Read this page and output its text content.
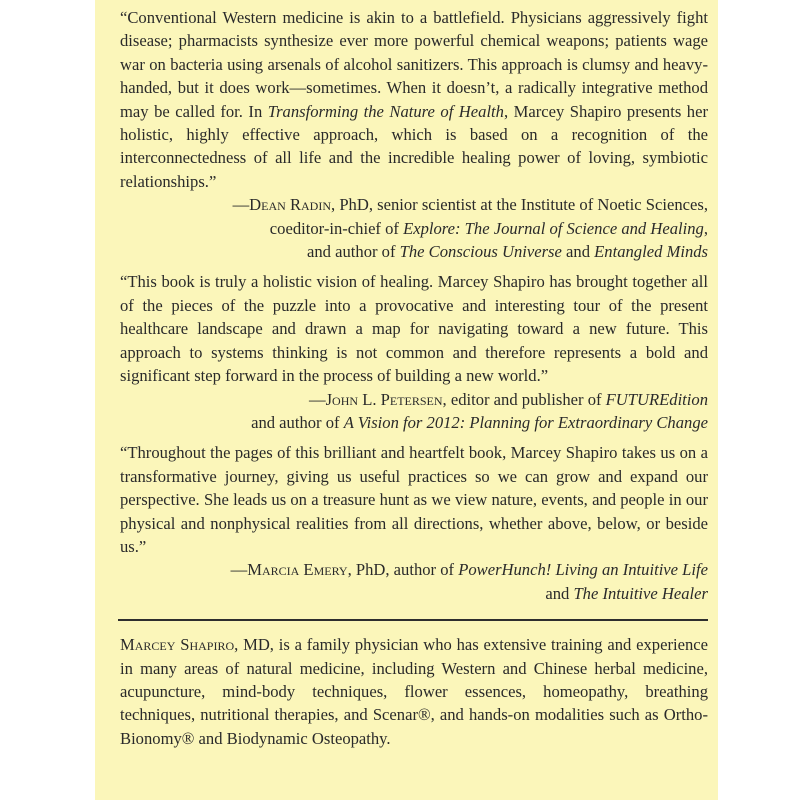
“Conventional Western medicine is akin to a battlefield. Physicians aggressively fight disease; pharmacists synthesize ever more powerful chemical weapons; patients wage war on bacteria using arsenals of alcohol sanitizers. This approach is clumsy and heavy-handed, but it does work—sometimes. When it doesn’t, a radically integrative method may be called for. In Transforming the Nature of Health, Marcey Shapiro presents her holistic, highly effective approach, which is based on a recognition of the interconnectedness of all life and the incredible healing power of loving, symbiotic relationships.”

—Dean Radin, PhD, senior scientist at the Institute of Noetic Sciences,
coeditor-in-chief of Explore: The Journal of Science and Healing,
and author of The Conscious Universe and Entangled Minds

“This book is truly a holistic vision of healing. Marcey Shapiro has brought together all of the pieces of the puzzle into a provocative and interesting tour of the present healthcare landscape and drawn a map for navigating toward a new future. This approach to systems thinking is not common and therefore represents a bold and significant step forward in the process of building a new world.”

—John L. Petersen, editor and publisher of FUTUREdition
and author of A Vision for 2012: Planning for Extraordinary Change

“Throughout the pages of this brilliant and heartfelt book, Marcey Shapiro takes us on a transformative journey, giving us useful practices so we can grow and expand our perspective. She leads us on a treasure hunt as we view nature, events, and people in our physical and nonphysical realities from all directions, whether above, below, or beside us.”

—Marcia Emery, PhD, author of PowerHunch! Living an Intuitive Life
and The Intuitive Healer

Marcey Shapiro, MD, is a family physician who has extensive training and experience in many areas of natural medicine, including Western and Chinese herbal medicine, acupuncture, mind-body techniques, flower essences, homeopathy, breathing techniques, nutritional therapies, and Scenar®, and hands-on modalities such as Ortho-Bionomy® and Biodynamic Osteopathy.
